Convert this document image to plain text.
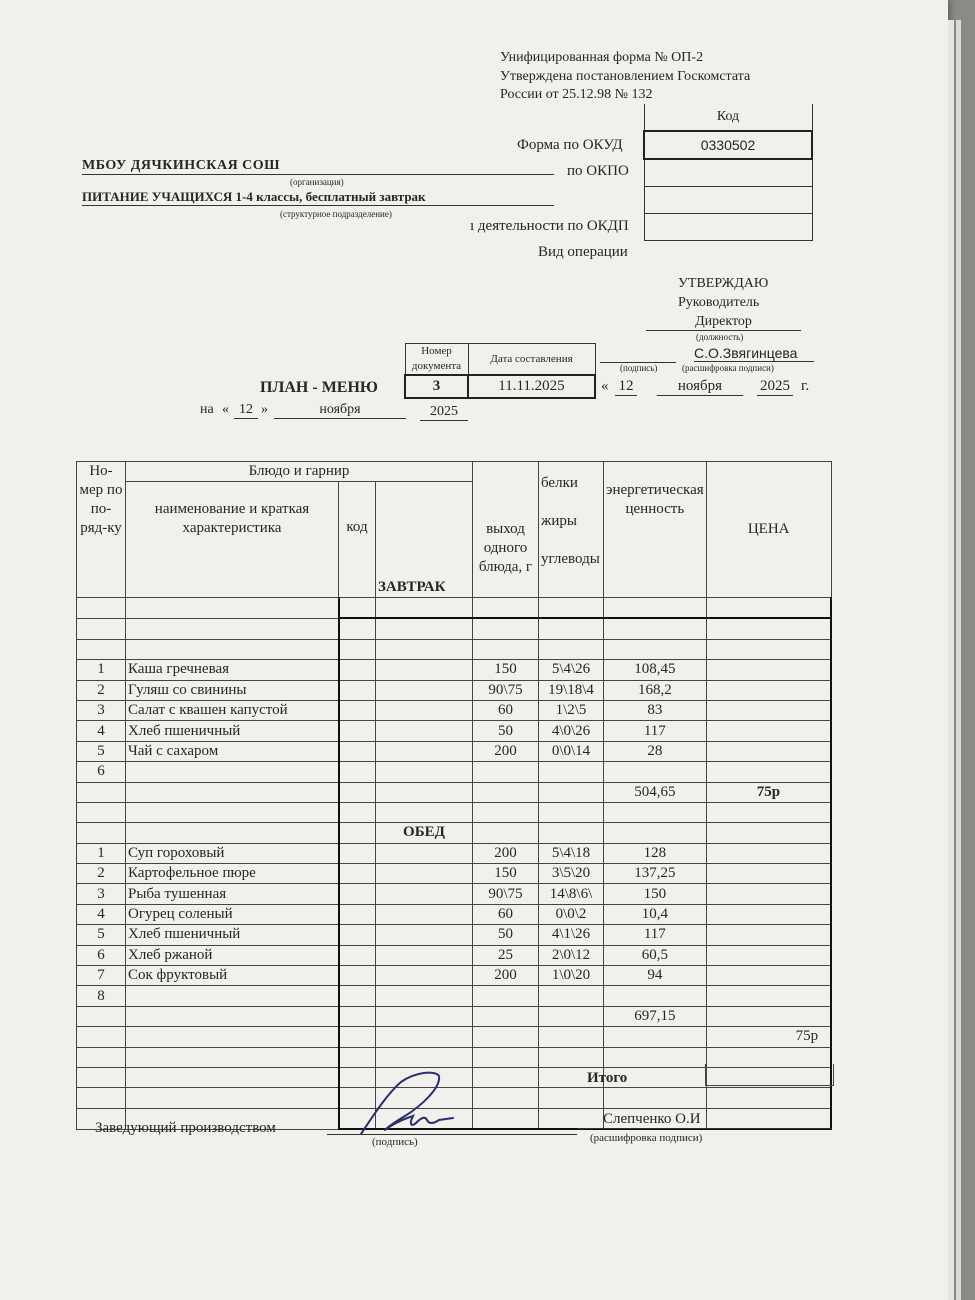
Унифицированная форма № ОП-2
Утверждена постановлением Госкомстата
России от 25.12.98 № 132
Код
0330502

Форма по ОКУД
по ОКПО
ı деятельности по ОКДП
Вид операции
МБОУ ДЯЧКИНСКАЯ СОШ
(организация)
ПИТАНИЕ УЧАЩИХСЯ 1-4 классы, бесплатный завтрак
(структурное подразделение)
УТВЕРЖДАЮ
Руководитель
Директор
(должность)
(подпись)
С.О.Звягинцева
(расшифровка подписи)
« 12	ноября	2025 г.
Номер документа	Дата составления
3	11.11.2025
ПЛАН - МЕНЮ
на « 12 »	ноября	2025
Но-мер по по-ряд-ку	Блюдо и гарнир			выход одного блюда, г	белки жиры углеводы	энергетическая ценность	ЦЕНА
	наименование и краткая характеристика	код	ЗАВТРАК				

1	Каша гречневая			150	5\4\26	108,45	
2	Гуляш со свинины			90\75	19\18\4	168,2	
3	Салат с квашен капустой			60	1\2\5	83	
4	Хлеб пшеничный			50	4\0\26	117	
5	Чай с сахаром			200	0\0\14	28	
6							
						504,65	75р

			ОБЕД				
1	Суп гороховый			200	5\4\18	128	
2	Картофельное пюре			150	3\5\20	137,25	
3	Рыба тушенная			90\75	14\8\6\	150	
4	Огурец соленый			60	0\0\2	10,4	
5	Хлеб пшеничный			50	4\1\26	117	
6	Хлеб ржаной			25	2\0\12	60,5	
7	Сок фруктовый			200	1\0\20	94	
8							
						697,15	
							75р

Итого
Заведующий производством
(подпись)
Слепченко О.И
(расшифровка подписи)
